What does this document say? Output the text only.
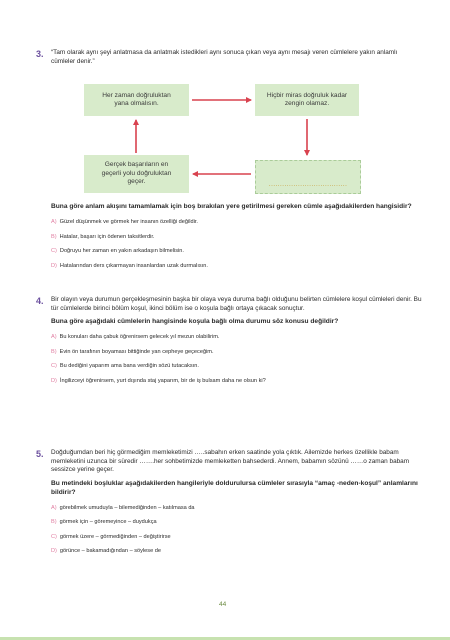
3. “Tam olarak aynı şeyi anlatmasa da anlatmak istedikleri aynı sonuca çıkan veya aynı mesajı veren cümlelere yakın anlamlı cümleler denir.”
Her zaman doğruluktan
yana olmalısın.
Hiçbir miras doğruluk kadar
zengin olamaz.
Gerçek başarıların en
geçerli yolu doğruluktan
geçer.	...................................
Buna göre anlam akışını tamamlamak için boş bırakılan yere getirilmesi gereken cümle aşağıdakilerden hangisidir?
A) Güzel düşünmek ve görmek her insanın özelliği değildir.
B) Hatalar, başarı için ödenen taksitlerdir.
C) Doğruyu her zaman en yakın arkadaşın bilmelisin.
D) Hatalarından ders çıkarmayan insanlardan uzak durmalısın.
4. Bir olayın veya durumun gerçekleşmesinin başka bir olaya veya duruma bağlı olduğunu belirten cümlelere koşul cümleleri denir. Bu tür cümlelerde birinci bölüm koşul, ikinci bölüm ise o koşula bağlı ortaya çıkacak sonuçtur.
Buna göre aşağıdaki cümlelerin hangisinde koşula bağlı olma durumu söz konusu değildir?
A) Bu konuları daha çabuk öğrenirsem gelecek yıl mezun olabilirim.
B) Evin ön tarafının boyaması bittiğinde yan cepheye geçeceğim.
C) Bu dediğini yaparım ama bana verdiğin sözü tutacaksın.
D) İngilizceyi öğrenirsem, yurt dışında staj yaparım, bir de iş bulsam daha ne olsun ki?
5. Doğduğumdan beri hiç görmediğim memleketimizi …..sabahın erken saatinde yola çıktık. Ailemizde herkes özellikle babam memleketini uzunca bir süredir …….her sohbetimizde memleketten bahsederdi. Annem, babamın sözünü ……o zaman babam sessizce yerine geçer.
Bu metindeki boşluklar aşağıdakilerden hangileriyle doldurulursa cümleler sırasıyla “amaç -neden-koşul” anlamlarını bildirir?
A) görebilmek umuduyla – bilemediğinden – katılmasa da
B) görmek için – göremeyince – duydukça
C) görmek üzere – görmediğinden – değiştirirse
D) görünce – bakamadığından – söylese de
44
